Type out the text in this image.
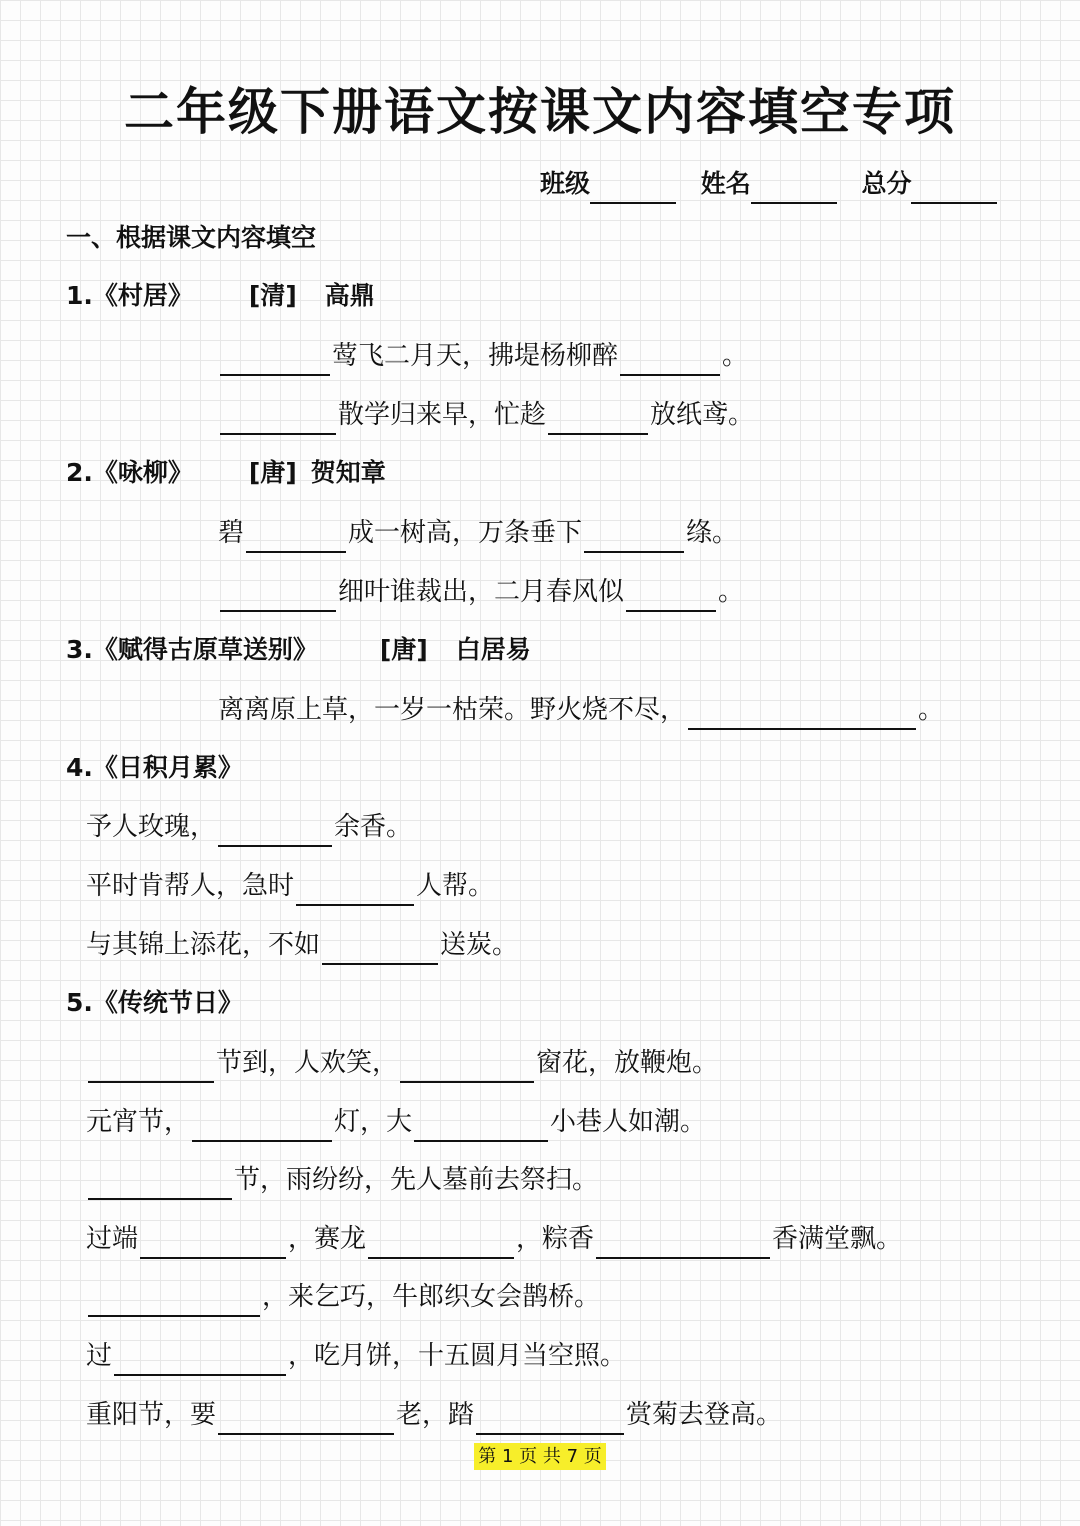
二年级下册语文按课文内容填空专项
班级	姓名	总分
一、根据课文内容填空
1.《村居》 [清] 高鼎
莺飞二月天，拂堤杨柳醉	。
散学归来早，忙趁	放纸鸢。
2.《咏柳》 [唐] 贺知章
碧	成一树高，万条垂下	绦。
细叶谁裁出，二月春风似	。
3.《赋得古原草送别》 [唐] 白居易
离离原上草，一岁一枯荣。野火烧不尽，	。
4.《日积月累》
予人玫瑰，	余香。
平时肯帮人，急时	人帮。
与其锦上添花，不如	送炭。
5.《传统节日》
节到，人欢笑，	窗花，放鞭炮。
元宵节，	灯，大	小巷人如潮。
节，雨纷纷，先人墓前去祭扫。
过端	，赛龙	，粽香	香满堂飘。
，来乞巧，牛郎织女会鹊桥。
过	，吃月饼，十五圆月当空照。
重阳节，要	老，踏	赏菊去登高。
第 1 页 共 7 页
